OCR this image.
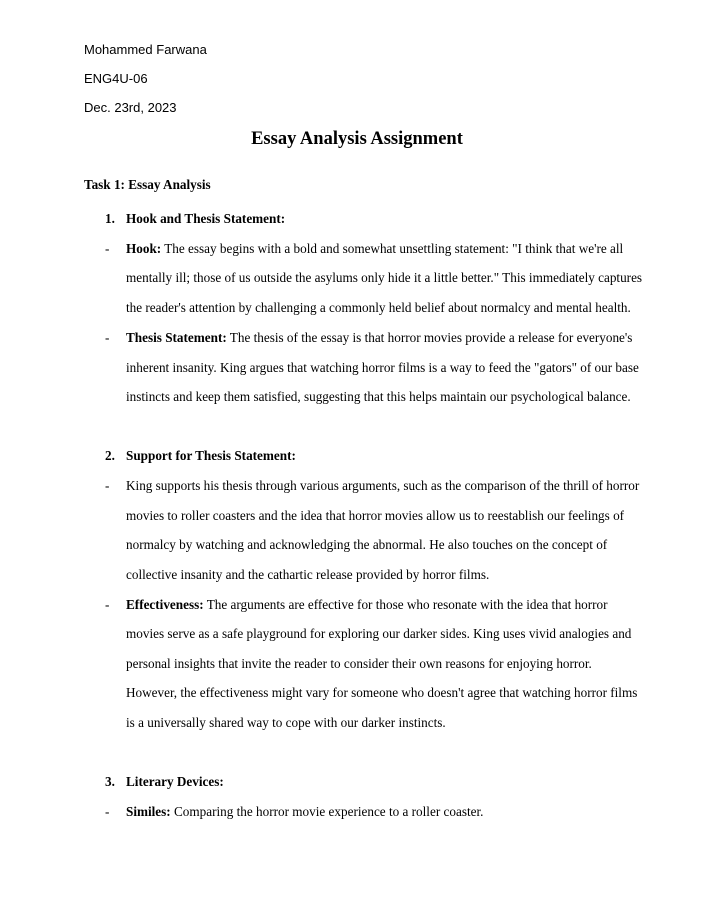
Mohammed Farwana
ENG4U-06
Dec. 23rd, 2023
Essay Analysis Assignment
Task 1: Essay Analysis
1. Hook and Thesis Statement:
- Hook: The essay begins with a bold and somewhat unsettling statement: "I think that we're all
mentally ill; those of us outside the asylums only hide it a little better." This immediately captures
the reader's attention by challenging a commonly held belief about normalcy and mental health.
- Thesis Statement: The thesis of the essay is that horror movies provide a release for everyone's
inherent insanity. King argues that watching horror films is a way to feed the "gators" of our base
instincts and keep them satisfied, suggesting that this helps maintain our psychological balance.
2. Support for Thesis Statement:
- King supports his thesis through various arguments, such as the comparison of the thrill of horror
movies to roller coasters and the idea that horror movies allow us to reestablish our feelings of
normalcy by watching and acknowledging the abnormal. He also touches on the concept of
collective insanity and the cathartic release provided by horror films.
- Effectiveness: The arguments are effective for those who resonate with the idea that horror
movies serve as a safe playground for exploring our darker sides. King uses vivid analogies and
personal insights that invite the reader to consider their own reasons for enjoying horror.
However, the effectiveness might vary for someone who doesn't agree that watching horror films
is a universally shared way to cope with our darker instincts.
3. Literary Devices:
- Similes: Comparing the horror movie experience to a roller coaster.
